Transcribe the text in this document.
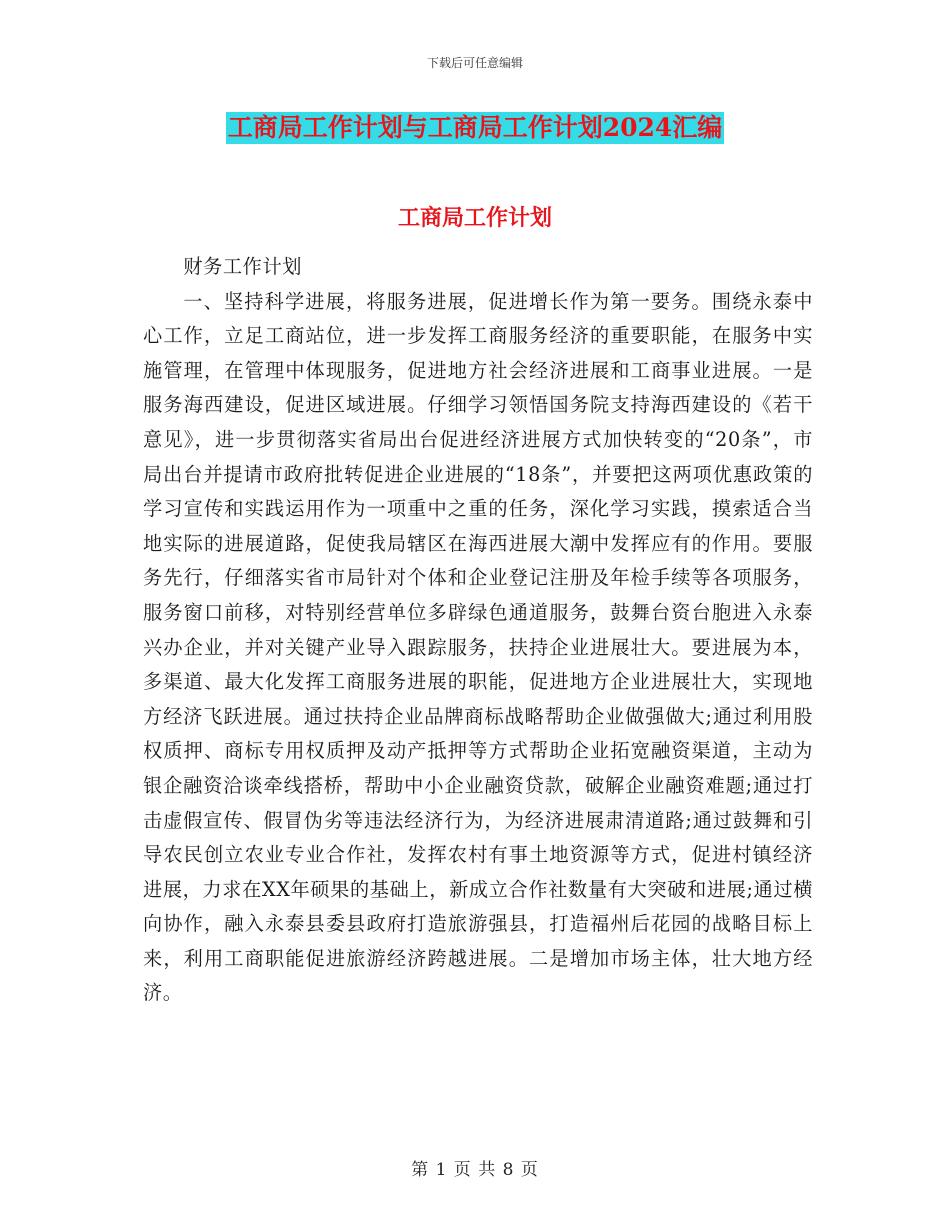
下载后可任意编辑
工商局工作计划与工商局工作计划2024汇编
工商局工作计划

财务工作计划

一、坚持科学进展，将服务进展，促进增长作为第一要务。围绕永泰中心工作，立足工商站位，进一步发挥工商服务经济的重要职能，在服务中实施管理，在管理中体现服务，促进地方社会经济进展和工商事业进展。一是服务海西建设，促进区域进展。仔细学习领悟国务院支持海西建设的《若干意见》，进一步贯彻落实省局出台促进经济进展方式加快转变的“20条”，市局出台并提请市政府批转促进企业进展的“18条”，并要把这两项优惠政策的学习宣传和实践运用作为一项重中之重的任务，深化学习实践，摸索适合当地实际的进展道路，促使我局辖区在海西进展大潮中发挥应有的作用。要服务先行，仔细落实省市局针对个体和企业登记注册及年检手续等各项服务，服务窗口前移，对特别经营单位多辟绿色通道服务，鼓舞台资台胞进入永泰兴办企业，并对关键产业导入跟踪服务，扶持企业进展壮大。要进展为本，多渠道、最大化发挥工商服务进展的职能，促进地方企业进展壮大，实现地方经济飞跃进展。通过扶持企业品牌商标战略帮助企业做强做大;通过利用股权质押、商标专用权质押及动产抵押等方式帮助企业拓宽融资渠道，主动为银企融资洽谈牵线搭桥，帮助中小企业融资贷款，破解企业融资难题;通过打击虚假宣传、假冒伪劣等违法经济行为，为经济进展肃清道路;通过鼓舞和引导农民创立农业专业合作社，发挥农村有事土地资源等方式，促进村镇经济进展，力求在XX年硕果的基础上，新成立合作社数量有大突破和进展;通过横向协作，融入永泰县委县政府打造旅游强县，打造福州后花园的战略目标上来，利用工商职能促进旅游经济跨越进展。二是增加市场主体，壮大地方经济。

第 1 页 共 8 页
